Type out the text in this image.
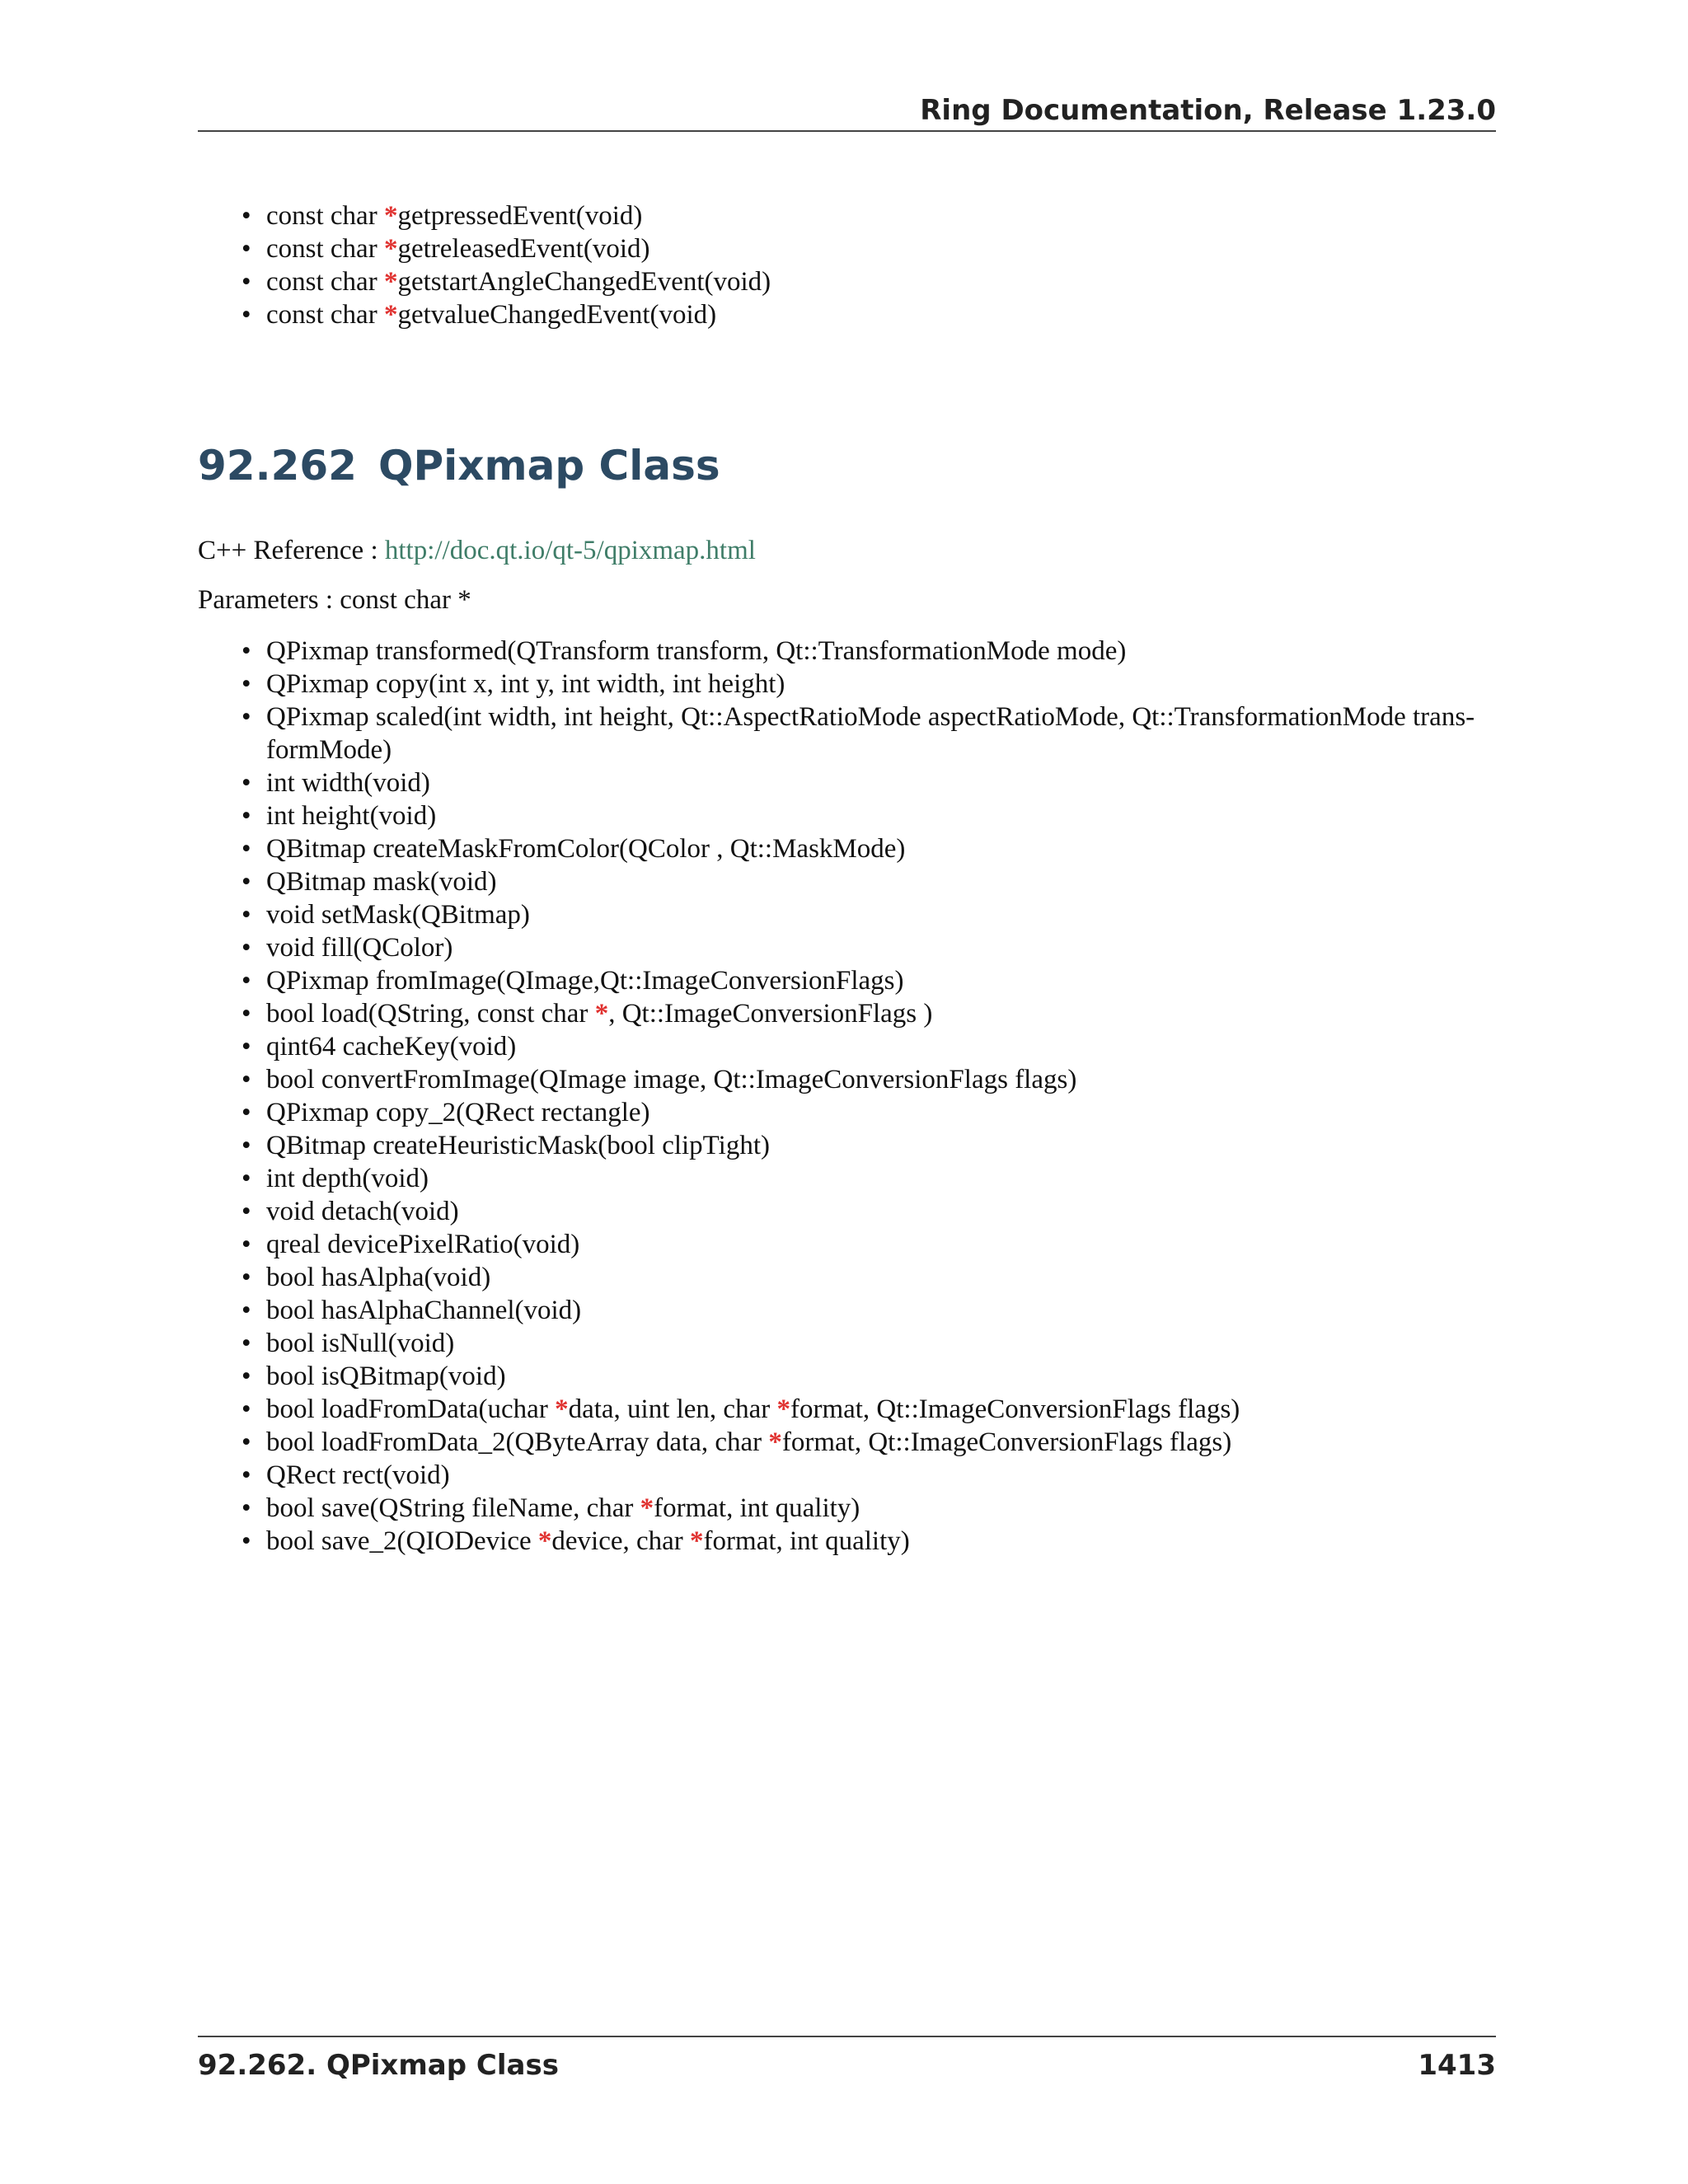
Ring Documentation, Release 1.23.0
• const char *getpressedEvent(void)
• const char *getreleasedEvent(void)
• const char *getstartAngleChangedEvent(void)
• const char *getvalueChangedEvent(void)
92.262 QPixmap Class
C++ Reference : http://doc.qt.io/qt-5/qpixmap.html
Parameters : const char *
• QPixmap transformed(QTransform transform, Qt::TransformationMode mode)
• QPixmap copy(int x, int y, int width, int height)
• QPixmap scaled(int width, int height, Qt::AspectRatioMode aspectRatioMode, Qt::TransformationMode trans-formMode)
• int width(void)
• int height(void)
• QBitmap createMaskFromColor(QColor , Qt::MaskMode)
• QBitmap mask(void)
• void setMask(QBitmap)
• void fill(QColor)
• QPixmap fromImage(QImage,Qt::ImageConversionFlags)
• bool load(QString, const char *, Qt::ImageConversionFlags )
• qint64 cacheKey(void)
• bool convertFromImage(QImage image, Qt::ImageConversionFlags flags)
• QPixmap copy_2(QRect rectangle)
• QBitmap createHeuristicMask(bool clipTight)
• int depth(void)
• void detach(void)
• qreal devicePixelRatio(void)
• bool hasAlpha(void)
• bool hasAlphaChannel(void)
• bool isNull(void)
• bool isQBitmap(void)
• bool loadFromData(uchar *data, uint len, char *format, Qt::ImageConversionFlags flags)
• bool loadFromData_2(QByteArray data, char *format, Qt::ImageConversionFlags flags)
• QRect rect(void)
• bool save(QString fileName, char *format, int quality)
• bool save_2(QIODevice *device, char *format, int quality)
92.262. QPixmap Class	1413
